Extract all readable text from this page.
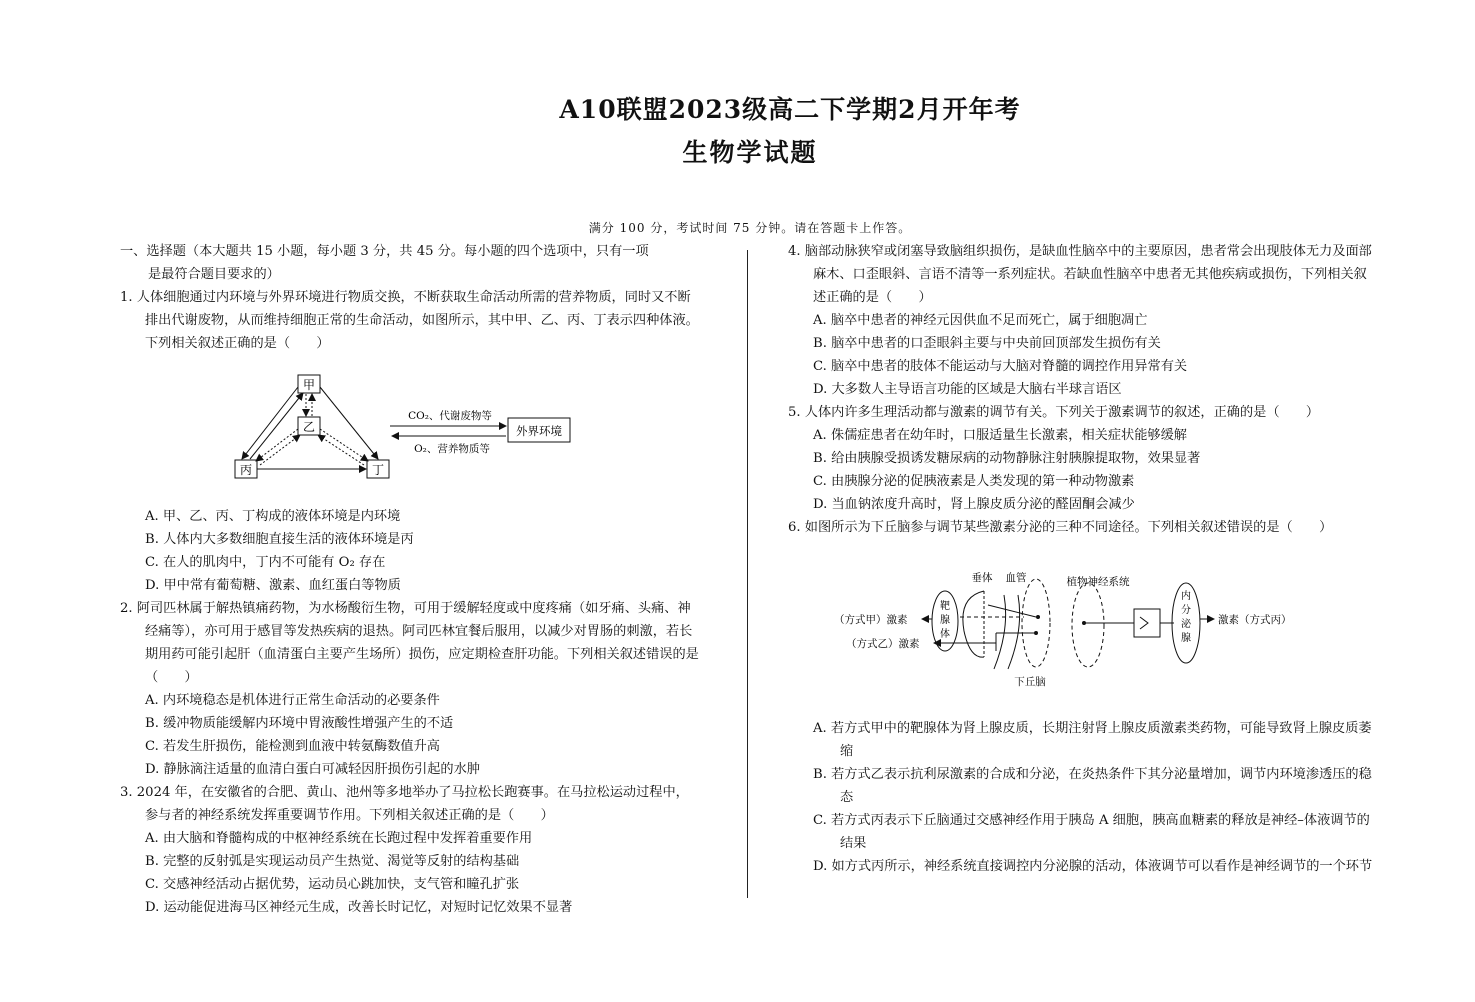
A10联盟2023级高二下学期2月开年考
生物学试题
满分 100 分，考试时间 75 分钟。请在答题卡上作答。
一、选择题（本大题共 15 小题，每小题 3 分，共 45 分。每小题的四个选项中，只有一项
是最符合题目要求的）
1. 人体细胞通过内环境与外界环境进行物质交换，不断获取生命活动所需的营养物质，同时又不断排出代谢废物，从而维持细胞正常的生命活动，如图所示，其中甲、乙、丙、丁表示四种体液。下列相关叙述正确的是（　　）
甲
乙
丙	丁
外界环境
CO₂、代谢废物等
O₂、营养物质等
A. 甲、乙、丙、丁构成的液体环境是内环境
B. 人体内大多数细胞直接生活的液体环境是丙
C. 在人的肌肉中，丁内不可能有 O₂ 存在
D. 甲中常有葡萄糖、激素、血红蛋白等物质
2. 阿司匹林属于解热镇痛药物，为水杨酸衍生物，可用于缓解轻度或中度疼痛（如牙痛、头痛、神经痛等），亦可用于感冒等发热疾病的退热。阿司匹林宜餐后服用，以减少对胃肠的刺激，若长期用药可能引起肝（血清蛋白主要产生场所）损伤，应定期检查肝功能。下列相关叙述错误的是（　　）
A. 内环境稳态是机体进行正常生命活动的必要条件
B. 缓冲物质能缓解内环境中胃液酸性增强产生的不适
C. 若发生肝损伤，能检测到血液中转氨酶数值升高
D. 静脉滴注适量的血清白蛋白可减轻因肝损伤引起的水肿
3. 2024 年，在安徽省的合肥、黄山、池州等多地举办了马拉松长跑赛事。在马拉松运动过程中，参与者的神经系统发挥重要调节作用。下列相关叙述正确的是（　　）
A. 由大脑和脊髓构成的中枢神经系统在长跑过程中发挥着重要作用
B. 完整的反射弧是实现运动员产生热觉、渴觉等反射的结构基础
C. 交感神经活动占据优势，运动员心跳加快，支气管和瞳孔扩张
D. 运动能促进海马区神经元生成，改善长时记忆，对短时记忆效果不显著
4. 脑部动脉狭窄或闭塞导致脑组织损伤，是缺血性脑卒中的主要原因，患者常会出现肢体无力及面部麻木、口歪眼斜、言语不清等一系列症状。若缺血性脑卒中患者无其他疾病或损伤，下列相关叙述正确的是（　　）
A. 脑卒中患者的神经元因供血不足而死亡，属于细胞凋亡
B. 脑卒中患者的口歪眼斜主要与中央前回顶部发生损伤有关
C. 脑卒中患者的肢体不能运动与大脑对脊髓的调控作用异常有关
D. 大多数人主导语言功能的区域是大脑右半球言语区
5. 人体内许多生理活动都与激素的调节有关。下列关于激素调节的叙述，正确的是（　　）
A. 侏儒症患者在幼年时，口服适量生长激素，相关症状能够缓解
B. 给由胰腺受损诱发糖尿病的动物静脉注射胰腺提取物，效果显著
C. 由胰腺分泌的促胰液素是人类发现的第一种动物激素
D. 当血钠浓度升高时，肾上腺皮质分泌的醛固酮会减少
6. 如图所示为下丘脑参与调节某些激素分泌的三种不同途径。下列相关叙述错误的是（　　）
垂体 血管	植物神经系统
靶
腺
体
（方式甲）激素
（方式乙）激素
下丘脑
内
分
泌
腺
激素（方式丙）
A. 若方式甲中的靶腺体为肾上腺皮质，长期注射肾上腺皮质激素类药物，可能导致肾上腺皮质萎缩
B. 若方式乙表示抗利尿激素的合成和分泌，在炎热条件下其分泌量增加，调节内环境渗透压的稳态
C. 若方式丙表示下丘脑通过交感神经作用于胰岛 A 细胞，胰高血糖素的释放是神经–体液调节的结果
D. 如方式丙所示，神经系统直接调控内分泌腺的活动，体液调节可以看作是神经调节的一个环节
